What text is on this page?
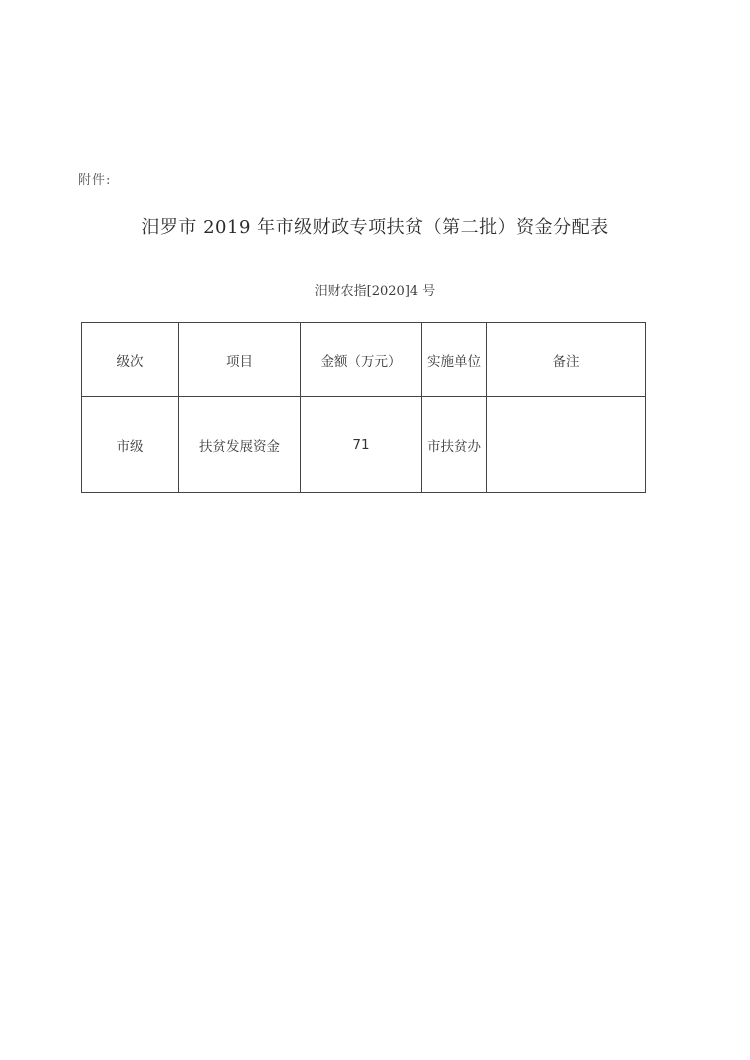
附件:
汨罗市 2019 年市级财政专项扶贫（第二批）资金分配表
汨财农指[2020]4 号
级次	项目	金额（万元）	实施单位	备注
市级	扶贫发展资金	71	市扶贫办	
